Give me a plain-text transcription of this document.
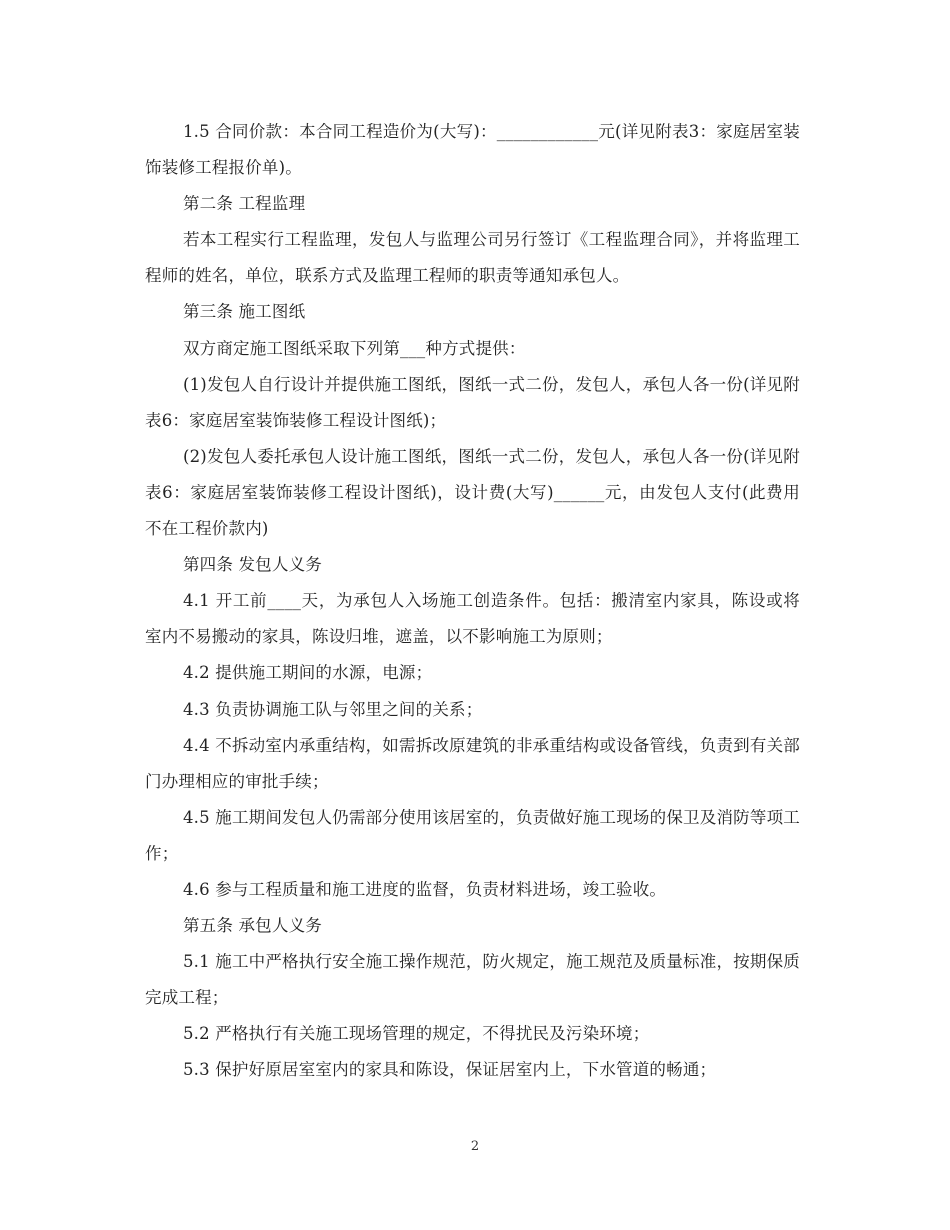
1.5 合同价款：本合同工程造价为(大写)：____________元(详见附表3：家庭居室装饰装修工程报价单)。

第二条 工程监理

若本工程实行工程监理，发包人与监理公司另行签订《工程监理合同》，并将监理工程师的姓名，单位，联系方式及监理工程师的职责等通知承包人。

第三条 施工图纸

双方商定施工图纸采取下列第___种方式提供：

(1)发包人自行设计并提供施工图纸，图纸一式二份，发包人，承包人各一份(详见附表6：家庭居室装饰装修工程设计图纸)；

(2)发包人委托承包人设计施工图纸，图纸一式二份，发包人，承包人各一份(详见附表6：家庭居室装饰装修工程设计图纸)，设计费(大写)______元，由发包人支付(此费用不在工程价款内)

第四条 发包人义务

4.1 开工前____天，为承包人入场施工创造条件。包括：搬清室内家具，陈设或将室内不易搬动的家具，陈设归堆，遮盖，以不影响施工为原则；

4.2 提供施工期间的水源，电源；

4.3 负责协调施工队与邻里之间的关系；

4.4 不拆动室内承重结构，如需拆改原建筑的非承重结构或设备管线，负责到有关部门办理相应的审批手续；

4.5 施工期间发包人仍需部分使用该居室的，负责做好施工现场的保卫及消防等项工作；

4.6 参与工程质量和施工进度的监督，负责材料进场，竣工验收。

第五条 承包人义务

5.1 施工中严格执行安全施工操作规范，防火规定，施工规范及质量标准，按期保质完成工程；

5.2 严格执行有关施工现场管理的规定，不得扰民及污染环境；

5.3 保护好原居室室内的家具和陈设，保证居室内上，下水管道的畅通；

2
